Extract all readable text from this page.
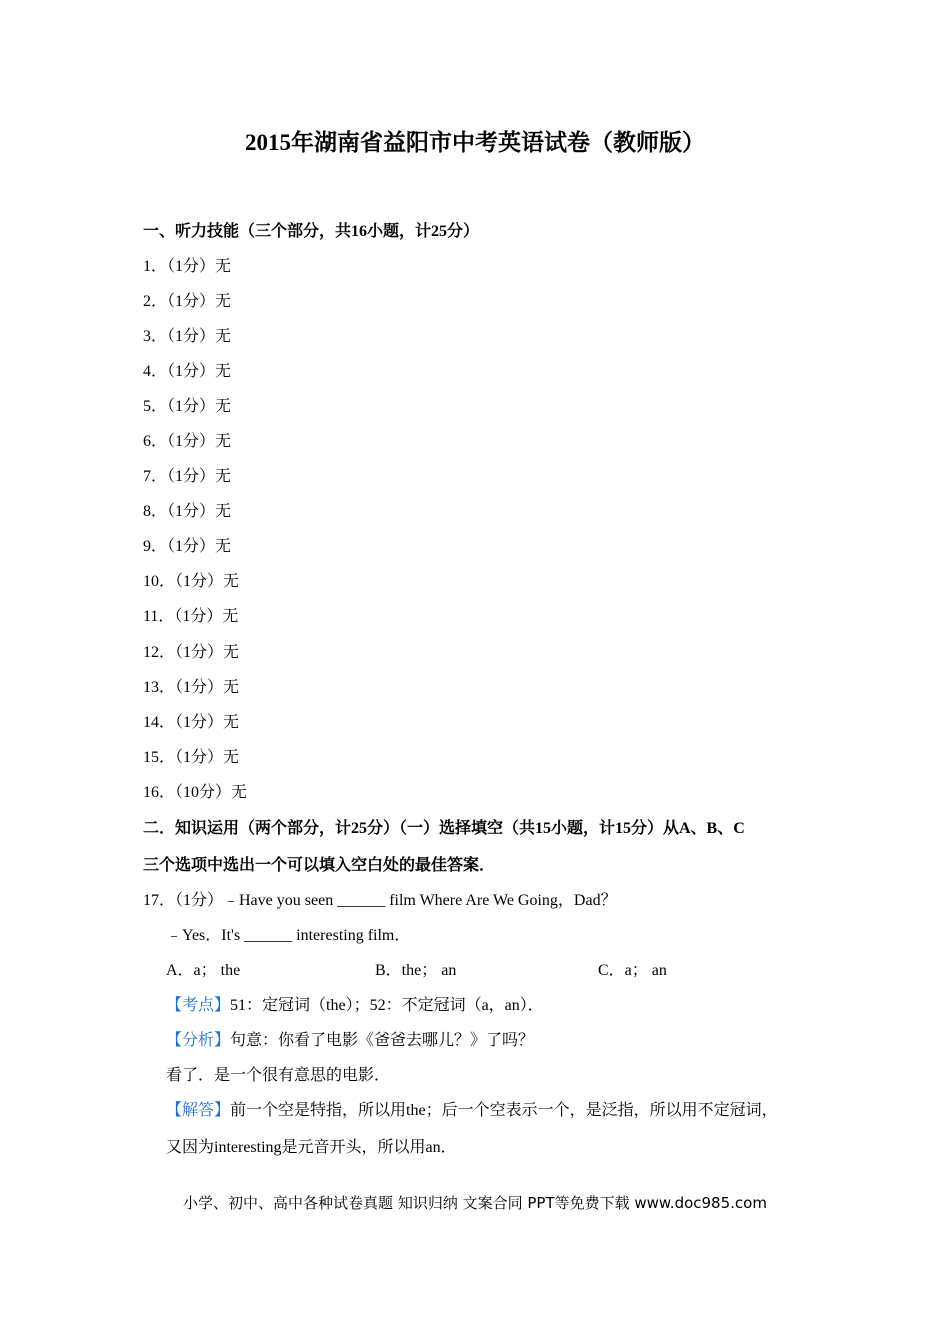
2015年湖南省益阳市中考英语试卷（教师版）
一、听力技能（三个部分，共16小题，计25分）
1．（1分）无
2．（1分）无
3．（1分）无
4．（1分）无
5．（1分）无
6．（1分）无
7．（1分）无
8．（1分）无
9．（1分）无
10．（1分）无
11．（1分）无
12．（1分）无
13．（1分）无
14．（1分）无
15．（1分）无
16．（10分）无
二．知识运用（两个部分，计25分）（一）选择填空（共15小题，计15分）从A、B、C
三个选项中选出一个可以填入空白处的最佳答案．
17．（1分）﹣Have you seen ______ film Where Are We Going，Dad？
﹣Yes．It's ______ interesting film．
A．a； the	B．the； an	C．a； an
【考点】51：定冠词（the）；52：不定冠词（a，an）．
【分析】句意：你看了电影《爸爸去哪儿？》了吗？
看了．是一个很有意思的电影．
【解答】前一个空是特指，所以用the；后一个空表示一个，是泛指，所以用不定冠词，
又因为interesting是元音开头，所以用an．
小学、初中、高中各种试卷真题 知识归纳 文案合同 PPT等免费下载 www.doc985.com
